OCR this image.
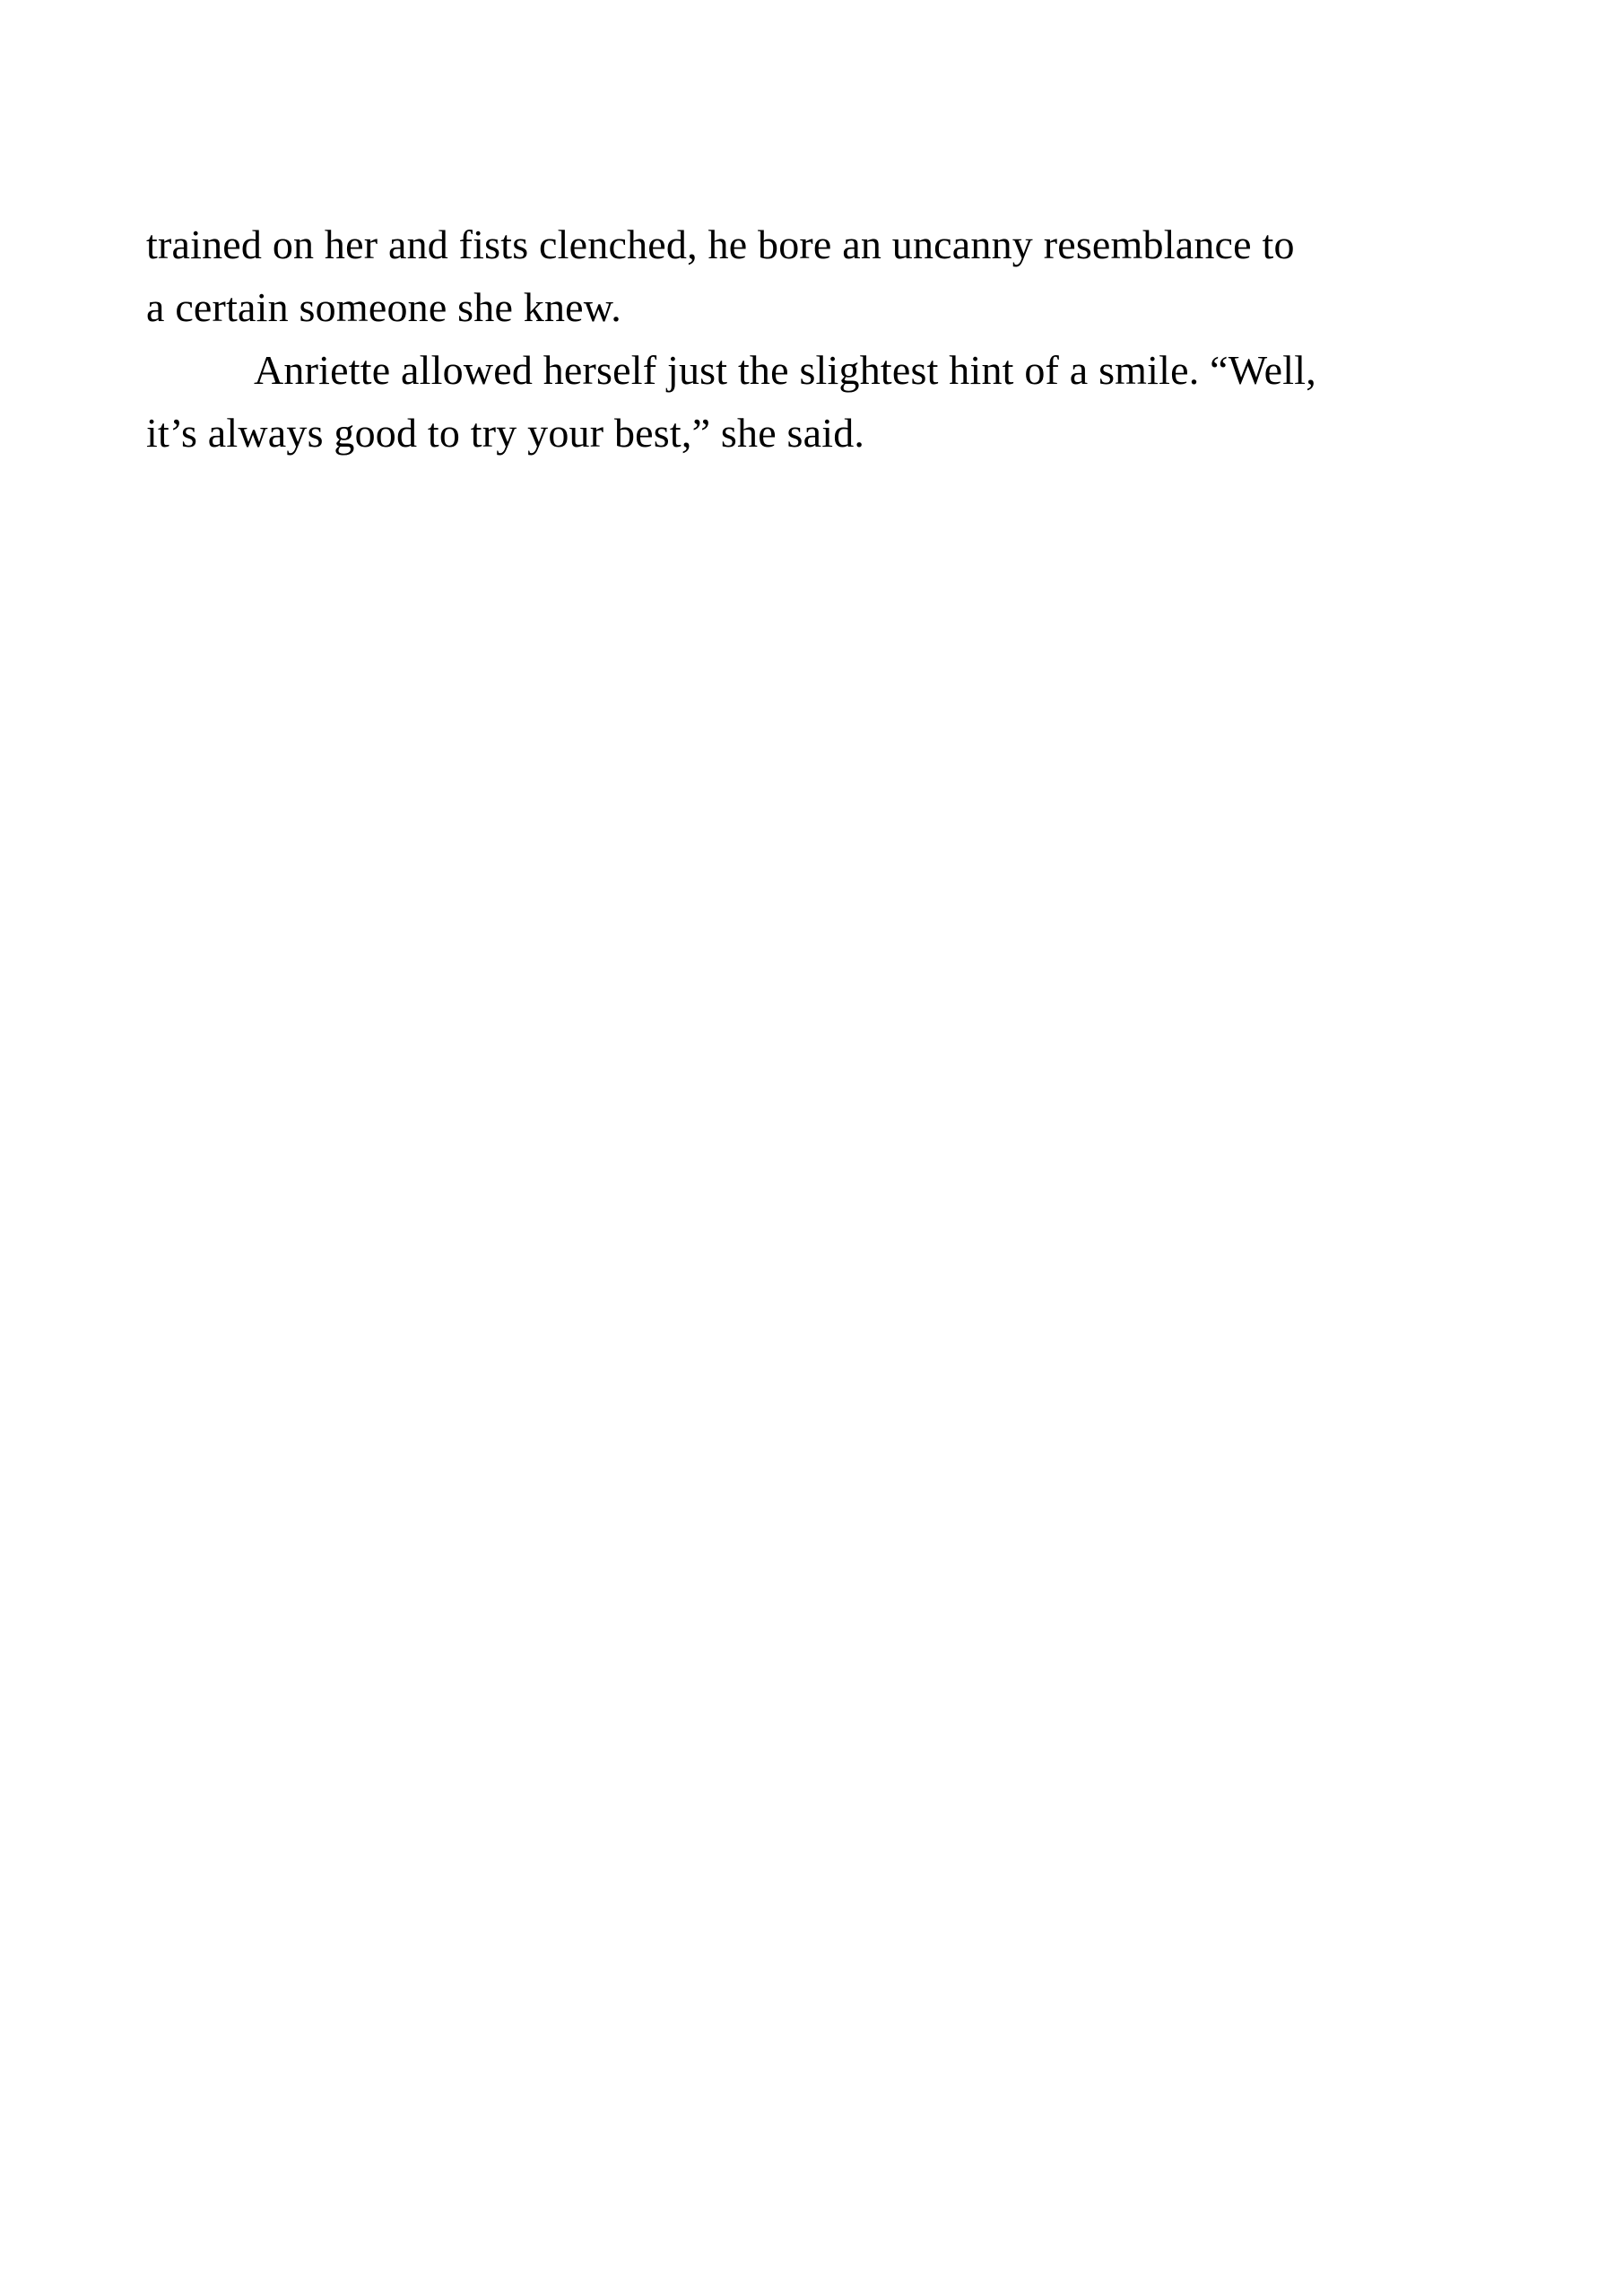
trained on her and fists clenched, he bore an uncanny resemblance to
a certain someone she knew.
Anriette allowed herself just the slightest hint of a smile. “Well,
it’s always good to try your best,” she said.
